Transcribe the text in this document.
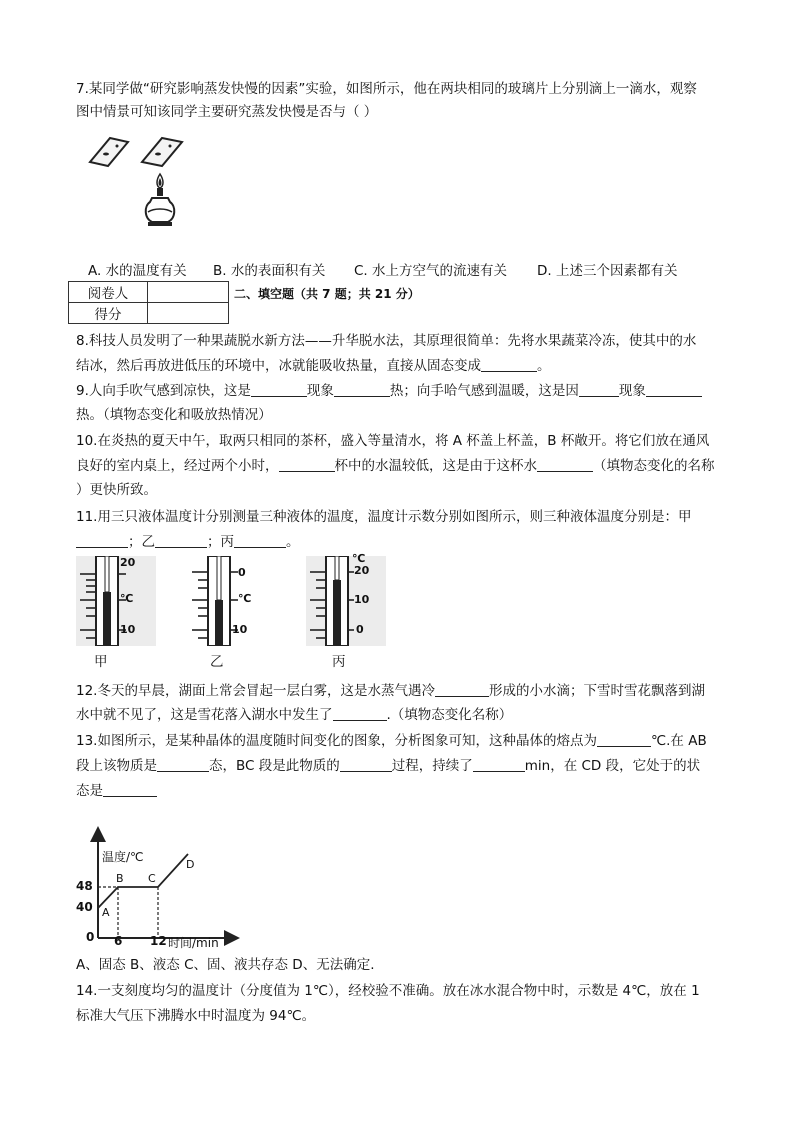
7.某同学做“研究影响蒸发快慢的因素”实验，如图所示，他在两块相同的玻璃片上分别滴上一滴水，观察
图中情景可知该同学主要研究蒸发快慢是否与（ ）
A. 水的温度有关 B. 水的表面积有关 C. 水上方空气的流速有关 D. 上述三个因素都有关
阅卷人	
得分	
二、填空题（共 7 题；共 21 分）
8.科技人员发明了一种果蔬脱水新方法——升华脱水法，其原理很简单：先将水果蔬菜冷冻，使其中的水
结冰，然后再放进低压的环境中，冰就能吸收热量，直接从固态变成	。
9.人向手吹气感到凉快，这是	现象	热；向手哈气感到温暖，这是因	现象
热。（填物态变化和吸放热情况）
10.在炎热的夏天中午，取两只相同的茶杯，盛入等量清水，将 A 杯盖上杯盖，B 杯敞开。将它们放在通风
良好的室内桌上，经过两个小时，	杯中的水温较低，这是由于这杯水	（填物态变化的名称
）更快所致。
11.用三只液体温度计分别测量三种液体的温度，温度计示数分别如图所示，则三种液体温度分别是：甲
；乙	；丙	。
20
℃
10
0
℃
10
℃
20
10
0
甲	乙	丙
12.冬天的早晨，湖面上常会冒起一层白雾，这是水蒸气遇冷	形成的小水滴；下雪时雪花飘落到湖
水中就不见了，这是雪花落入湖水中发生了	.（填物态变化名称）
13.如图所示，是某种晶体的温度随时间变化的图象，分析图象可知，这种晶体的熔点为	℃.在 AB
段上该物质是	态，BC 段是此物质的	过程，持续了	min，在 CD 段，它处于的状
态是
温度/℃
48
40
0 6 12 时间/min
A
B C
D
A、固态 B、液态 C、固、液共存态 D、无法确定.
14.一支刻度均匀的温度计（分度值为 1℃），经校验不准确。放在冰水混合物中时，示数是 4℃，放在 1
标准大气压下沸腾水中时温度为 94℃。
